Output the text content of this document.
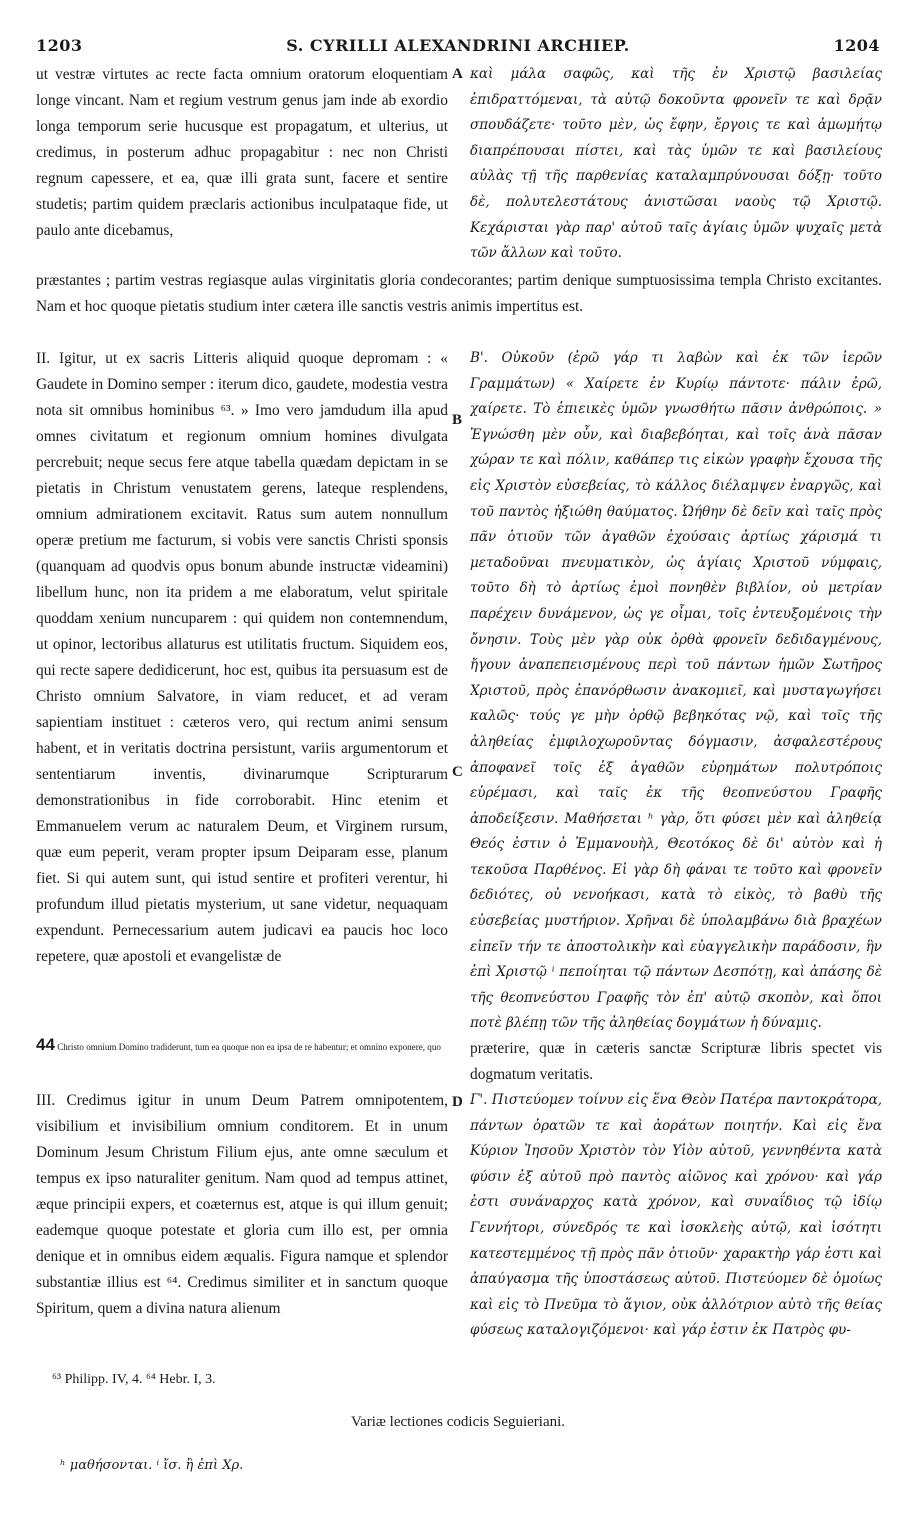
1203	S. CYRILLI ALEXANDRINI ARCHIEP.	1204

ut vestræ virtutes ac recte facta omnium oratorum eloquentiam longe vincant. Nam et regium vestrum genus jam inde ab exordio longa temporum serie hucusque est propagatum, et ulterius, ut credimus, in posterum adhuc propagabitur : nec non Christi regnum capessere, et ea, quæ illi grata sunt, facere et sentire studetis; partim quidem præclaris actionibus inculpataque fide, ut paulo ante dicebamus,

A καὶ μάλα σαφῶς, καὶ τῆς ἐν Χριστῷ βασιλείας ἐπιδραττόμεναι, τὰ αὐτῷ δοκοῦντα φρονεῖν τε καὶ δρᾷν σπουδάζετε· τοῦτο μὲν, ὡς ἔφην, ἔργοις τε καὶ ἀμωμήτῳ διαπρέπουσαι πίστει, καὶ τὰς ὑμῶν τε καὶ βασιλείους αὐλὰς τῇ τῆς παρθενίας καταλαμπρύνουσαι δόξῃ· τοῦτο δὲ, πολυτελεστάτους ἀνιστῶσαι ναοὺς τῷ Χριστῷ. Κεχάρισται γὰρ παρ' αὐτοῦ ταῖς ἁγίαις ὑμῶν ψυχαῖς μετὰ τῶν ἄλλων καὶ τοῦτο.

præstantes ; partim vestras regiasque aulas virginitatis gloria condecorantes; partim denique sumptuosissima templa Christo excitantes. Nam et hoc quoque pietatis studium inter cætera ille sanctis vestris animis impertitus est.

II. Igitur, ut ex sacris Litteris aliquid quoque depromam : « Gaudete in Domino semper : iterum dico, gaudete, modestia vestra nota sit omnibus hominibus ⁶³. » Imo vero jamdudum illa apud omnes civitatum et regionum omnium homines divulgata percrebuit; neque secus fere atque tabella quædam depictam in se pietatis in Christum venustatem gerens, lateque resplendens, omnium admirationem excitavit. Ratus sum autem nonnullum operæ pretium me facturum, si vobis vere sanctis Christi sponsis (quanquam ad quodvis opus bonum abunde instructæ videamini) libellum hunc, non ita pridem a me elaboratum, velut spiritale quoddam xenium nuncuparem : qui quidem non contemnendum, ut opinor, lectoribus allaturus est utilitatis fructum. Siquidem eos, qui recte sapere dedidicerunt, hoc est, quibus ita persuasum est de Christo omnium Salvatore, in viam reducet, et ad veram sapientiam instituet : cæteros vero, qui rectum animi sensum habent, et in veritatis doctrina persistunt, variis argumentorum et sententiarum inventis, divinarumque Scripturarum demonstrationibus in fide corroborabit. Hinc etenim et Emmanuelem verum ac naturalem Deum, et Virginem rursum, quæ eum peperit, veram propter ipsum Deiparam esse, planum fiet. Si qui autem sunt, qui istud sentire et profiteri verentur, hi profundum illud pietatis mysterium, ut sane videtur, nequaquam expendunt. Pernecessarium autem judicavi ea paucis hoc loco repetere, quæ apostoli et evangelistæ de

B
C

Β'. Οὐκοῦν (ἐρῶ γάρ τι λαβὼν καὶ ἐκ τῶν ἱερῶν Γραμμάτων) « Χαίρετε ἐν Κυρίῳ πάντοτε· πάλιν ἐρῶ, χαίρετε. Τὸ ἐπιεικὲς ὑμῶν γνωσθήτω πᾶσιν ἀνθρώποις. » Ἐγνώσθη μὲν οὖν, καὶ διαβεβόηται, καὶ τοῖς ἀνὰ πᾶσαν χώραν τε καὶ πόλιν, καθάπερ τις εἰκὼν γραφὴν ἔχουσα τῆς εἰς Χριστὸν εὐσεβείας, τὸ κάλλος διέλαμψεν ἐναργῶς, καὶ τοῦ παντὸς ἠξιώθη θαύματος. Ὠήθην δὲ δεῖν καὶ ταῖς πρὸς πᾶν ὁτιοῦν τῶν ἀγαθῶν ἐχούσαις ἀρτίως χάρισμά τι μεταδοῦναι πνευματικὸν, ὡς ἁγίαις Χριστοῦ νύμφαις, τοῦτο δὴ τὸ ἀρτίως ἐμοὶ πονηθὲν βιβλίον, οὐ μετρίαν παρέχειν δυνάμενον, ὡς γε οἶμαι, τοῖς ἐντευξομένοις τὴν ὄνησιν. Τοὺς μὲν γὰρ οὐκ ὀρθὰ φρονεῖν δεδιδαγμένους, ἤγουν ἀναπεπεισμένους περὶ τοῦ πάντων ἡμῶν Σωτῆρος Χριστοῦ, πρὸς ἐπανόρθωσιν ἀνακομιεῖ, καὶ μυσταγωγήσει καλῶς· τούς γε μὴν ὀρθῷ βεβηκότας νῷ, καὶ τοῖς τῆς ἀληθείας ἐμφιλοχωροῦντας δόγμασιν, ἀσφαλεστέρους ἀποφανεῖ τοῖς ἐξ ἀγαθῶν εὑρημάτων πολυτρόποις εὑρέμασι, καὶ ταῖς ἐκ τῆς θεοπνεύστου Γραφῆς ἀποδείξεσιν. Μαθήσεται ʰ γὰρ, ὅτι φύσει μὲν καὶ ἀληθείᾳ Θεός ἐστιν ὁ Ἐμμανουὴλ, Θεοτόκος δὲ δι' αὐτὸν καὶ ἡ τεκοῦσα Παρθένος. Εἰ γὰρ δὴ φάναι τε τοῦτο καὶ φρονεῖν δεδιότες, οὐ νενοήκασι, κατὰ τὸ εἰκὸς, τὸ βαθὺ τῆς εὐσεβείας μυστήριον. Χρῆναι δὲ ὑπολαμβάνω διὰ βραχέων εἰπεῖν τήν τε ἀποστολικὴν καὶ εὐαγγελικὴν παράδοσιν, ἣν ἐπὶ Χριστῷ ⁱ πεποίηται τῷ πάντων Δεσπότῃ, καὶ ἁπάσης δὲ τῆς θεοπνεύστου Γραφῆς τὸν ἐπ' αὐτῷ σκοπὸν, καὶ ὅποι ποτὲ βλέπῃ τῶν τῆς ἀληθείας δογμάτων ἡ δύναμις.

44 Christo omnium Domino tradiderunt, tum ea quoque non ea ipsa de re habentur; et omnino exponere, quo	præterire, quæ in cæteris sanctæ Scripturæ libris spectet vis dogmatum veritatis.

III. Credimus igitur in unum Deum Patrem omnipotentem, visibilium et invisibilium omnium conditorem. Et in unum Dominum Jesum Christum Filium ejus, ante omne sæculum et tempus ex ipso naturaliter genitum. Nam quod ad tempus attinet, æque principii expers, et coæternus est, atque is qui illum genuit; eademque quoque potestate et gloria cum illo est, per omnia denique et in omnibus eidem æqualis. Figura namque et splendor substantiæ illius est ⁶⁴. Credimus similiter et in sanctum quoque Spiritum, quem a divina natura alienum

D Γ'. Πιστεύομεν τοίνυν εἰς ἕνα Θεὸν Πατέρα παντοκράτορα, πάντων ὁρατῶν τε καὶ ἀοράτων ποιητήν. Καὶ εἰς ἕνα Κύριον Ἰησοῦν Χριστὸν τὸν Υἱὸν αὐτοῦ, γεννηθέντα κατὰ φύσιν ἐξ αὐτοῦ πρὸ παντὸς αἰῶνος καὶ χρόνου· καὶ γάρ ἐστι συνάναρχος κατὰ χρόνον, καὶ συναΐδιος τῷ ἰδίῳ Γεννήτορι, σύνεδρός τε καὶ ἰσοκλεὴς αὐτῷ, καὶ ἰσότητι κατεστεμμένος τῇ πρὸς πᾶν ὁτιοῦν· χαρακτὴρ γάρ ἐστι καὶ ἀπαύγασμα τῆς ὑποστάσεως αὐτοῦ. Πιστεύομεν δὲ ὁμοίως καὶ εἰς τὸ Πνεῦμα τὸ ἅγιον, οὐκ ἀλλότριον αὐτὸ τῆς θείας φύσεως καταλογιζόμενοι· καὶ γάρ ἐστιν ἐκ Πατρὸς φυ-

⁶³ Philipp. IV, 4. ⁶⁴ Hebr. I, 3.
Variæ lectiones codicis Seguieriani.
ʰ μαθήσονται. ⁱ ἴσ. ἣ ἐπὶ Χρ.
